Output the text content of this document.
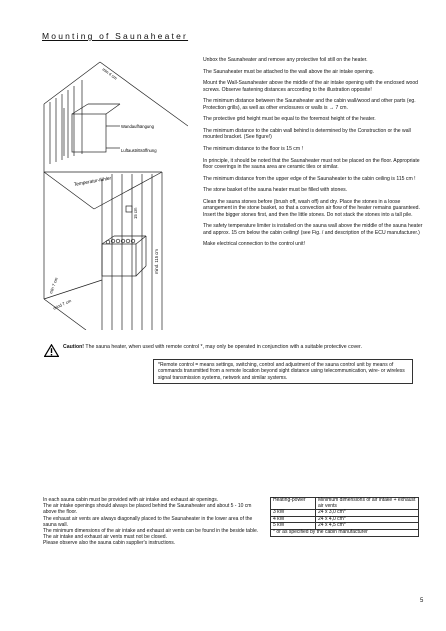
Mounting of Saunaheater
min 4 cm
Wandaufhängung
Luftaustrittsöffnung
Temperatur-fühler
15 cm
mind. 115 cm
min 7 cm
mind 7 cm

Unbox the Saunaheater and remove any protective foil still on the heater.

The Saunaheater must be attached to the wall above the air intake opening.

Mount the Wall-Saunaheater above the middle of the air intake opening with the enclosed wood screws. Observe fastening distances arccording to the illustration opposite!

The minimum distance between the Saunaheater and the cabin wall/wood and other parts (eg. Protection grills), as well as other enclosures or walls is → 7 cm.

The protective grid height must be equal to the foremost height of the heater.

The minimum distance to the cabin wall behind is determined by the Construction or the wall mounted bracket. (See figure!)

The minimum distance to the floor is 15 cm !

In principle, it should be noted that the Saunaheater must not be placed on the floor. Appropriate floor coverings in the sauna area are ceramic tiles or similar.

The minimum distance from the upper edge of the Saunaheater to the cabin ceiling is 115 cm !

The stone basket of the sauna heater must be filled with stones.

Clean the sauna stones before (brush off, wash off) and dry. Place the stones in a loose arrangement in the stone basket, so that a convection air flow of the heater remains guaranteed. Insert the bigger stones first, and then the little stones. Do not stack the stones into a tall pile.

The safety temperature limiter is installed on the sauna wall above the middle of the sauna heater and approx. 15 cm below the cabin ceiling! (see Fig. / and description of the ECU manufacturer.)

Make electrical connection to the control unit!

Caution! The sauna heater, when used with remote control *, may only be operated in conjunction with a suitable protective cover.
*Remote control = means settings, switching, control and adjustment of the sauna control unit by means of commands transmitted from a remote location beyond sight distance using telecommunication, wire- or wireless signal transmission systems, network and similar systems.

In each sauna cabin must be provided with air intake and exhaust air openings.

The air intake openings should always be placed behind the Saunaheater and about 5 - 10 cm above the floor.

The exhaust air vents are always diagonally placed to the Saunaheater in the lower area of the sauna wall.

The minimum dimensions of the air intake and exhaust air vents can be found in the beside table.

The air intake and exhaust air vents must not be closed.

Please observe also the sauna cabin supplier's instructions.

Heating-power	Minimum dimensions of air intake + exhaust air vents
3 kW	24 x 3,0 cm*
4 kW	24 x 4,0 cm*
5 kW	24 x 4,5 cm*
* or as specified by the cabin manufacturer	
5
